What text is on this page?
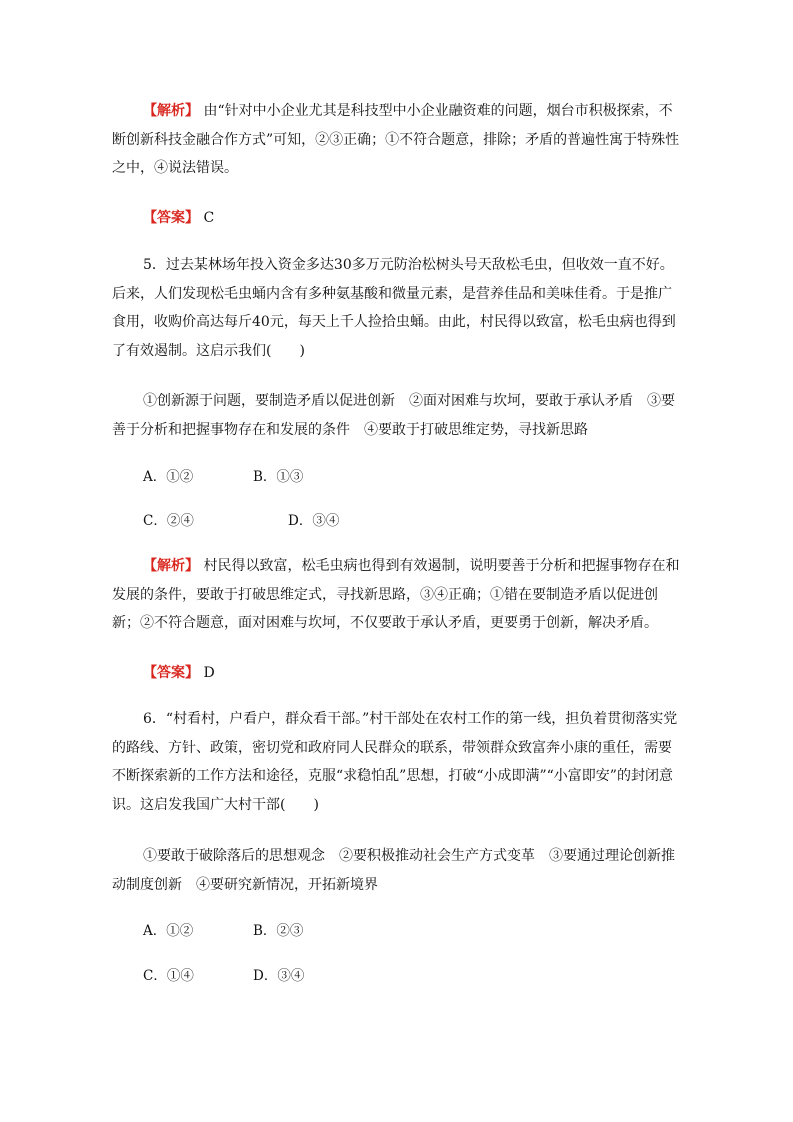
【解析】 由“针对中小企业尤其是科技型中小企业融资难的问题，烟台市积极探索，不断创新科技金融合作方式”可知，②③正确；①不符合题意，排除；矛盾的普遍性寓于特殊性之中，④说法错误。
【答案】 C
5．过去某林场年投入资金多达30多万元防治松树头号天敌松毛虫，但收效一直不好。后来，人们发现松毛虫蛹内含有多种氨基酸和微量元素，是营养佳品和美味佳肴。于是推广食用，收购价高达每斤40元，每天上千人捡拾虫蛹。由此，村民得以致富，松毛虫病也得到了有效遏制。这启示我们(　　)
①创新源于问题，要制造矛盾以促进创新　②面对困难与坎坷，要敢于承认矛盾　③要善于分析和把握事物存在和发展的条件　④要敢于打破思维定势，寻找新思路
A．①②	B．①③
C．②④	D．③④
【解析】 村民得以致富，松毛虫病也得到有效遏制，说明要善于分析和把握事物存在和发展的条件，要敢于打破思维定式，寻找新思路，③④正确；①错在要制造矛盾以促进创新；②不符合题意，面对困难与坎坷，不仅要敢于承认矛盾，更要勇于创新，解决矛盾。
【答案】 D
6．“村看村，户看户，群众看干部。”村干部处在农村工作的第一线，担负着贯彻落实党的路线、方针、政策，密切党和政府同人民群众的联系，带领群众致富奔小康的重任，需要不断探索新的工作方法和途径，克服“求稳怕乱”思想，打破“小成即满”“小富即安”的封闭意识。这启发我国广大村干部(　　)
①要敢于破除落后的思想观念　②要积极推动社会生产方式变革　③要通过理论创新推动制度创新　④要研究新情况，开拓新境界
A．①②	B．②③
C．①④	D．③④
